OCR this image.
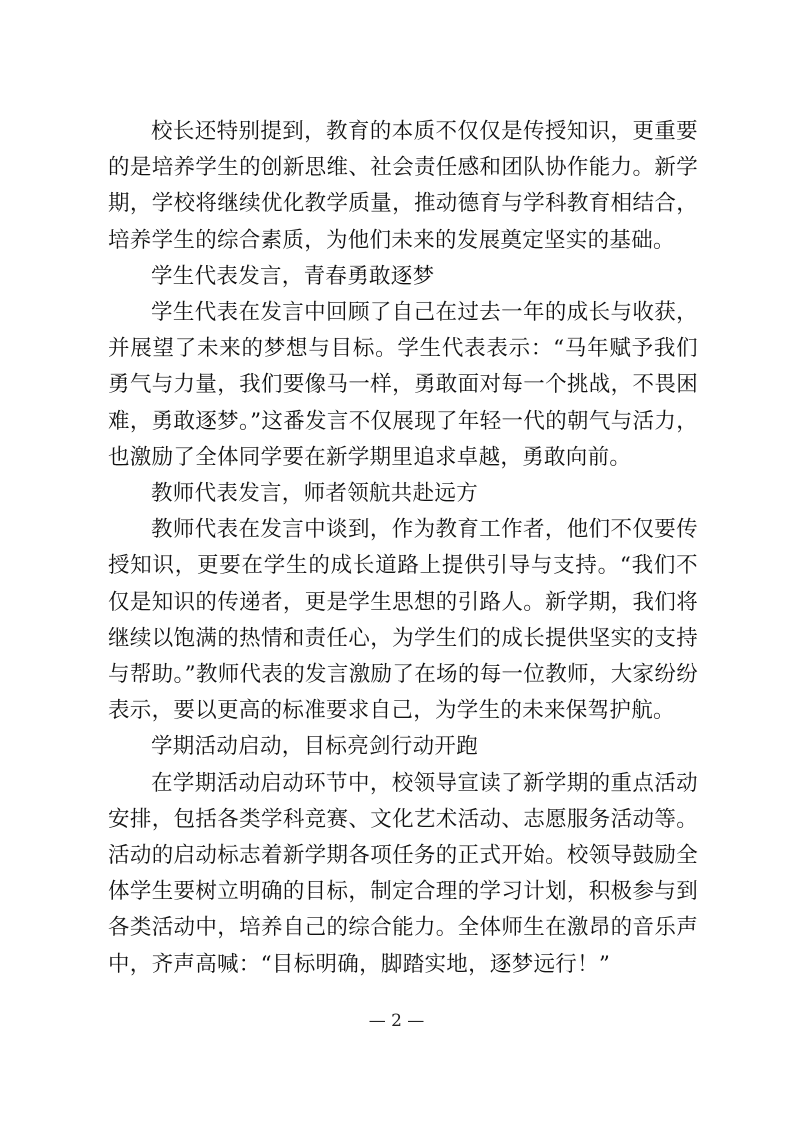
校长还特别提到，教育的本质不仅仅是传授知识，更重要的是培养学生的创新思维、社会责任感和团队协作能力。新学期，学校将继续优化教学质量，推动德育与学科教育相结合，培养学生的综合素质，为他们未来的发展奠定坚实的基础。

学生代表发言，青春勇敢逐梦

学生代表在发言中回顾了自己在过去一年的成长与收获，并展望了未来的梦想与目标。学生代表表示：“马年赋予我们勇气与力量，我们要像马一样，勇敢面对每一个挑战，不畏困难，勇敢逐梦。”这番发言不仅展现了年轻一代的朝气与活力，也激励了全体同学要在新学期里追求卓越，勇敢向前。

教师代表发言，师者领航共赴远方

教师代表在发言中谈到，作为教育工作者，他们不仅要传授知识，更要在学生的成长道路上提供引导与支持。“我们不仅是知识的传递者，更是学生思想的引路人。新学期，我们将继续以饱满的热情和责任心，为学生们的成长提供坚实的支持与帮助。”教师代表的发言激励了在场的每一位教师，大家纷纷表示，要以更高的标准要求自己，为学生的未来保驾护航。

学期活动启动，目标亮剑行动开跑

在学期活动启动环节中，校领导宣读了新学期的重点活动安排，包括各类学科竞赛、文化艺术活动、志愿服务活动等。活动的启动标志着新学期各项任务的正式开始。校领导鼓励全体学生要树立明确的目标，制定合理的学习计划，积极参与到各类活动中，培养自己的综合能力。全体师生在激昂的音乐声中，齐声高喊：“目标明确，脚踏实地，逐梦远行！”

— 2 —
